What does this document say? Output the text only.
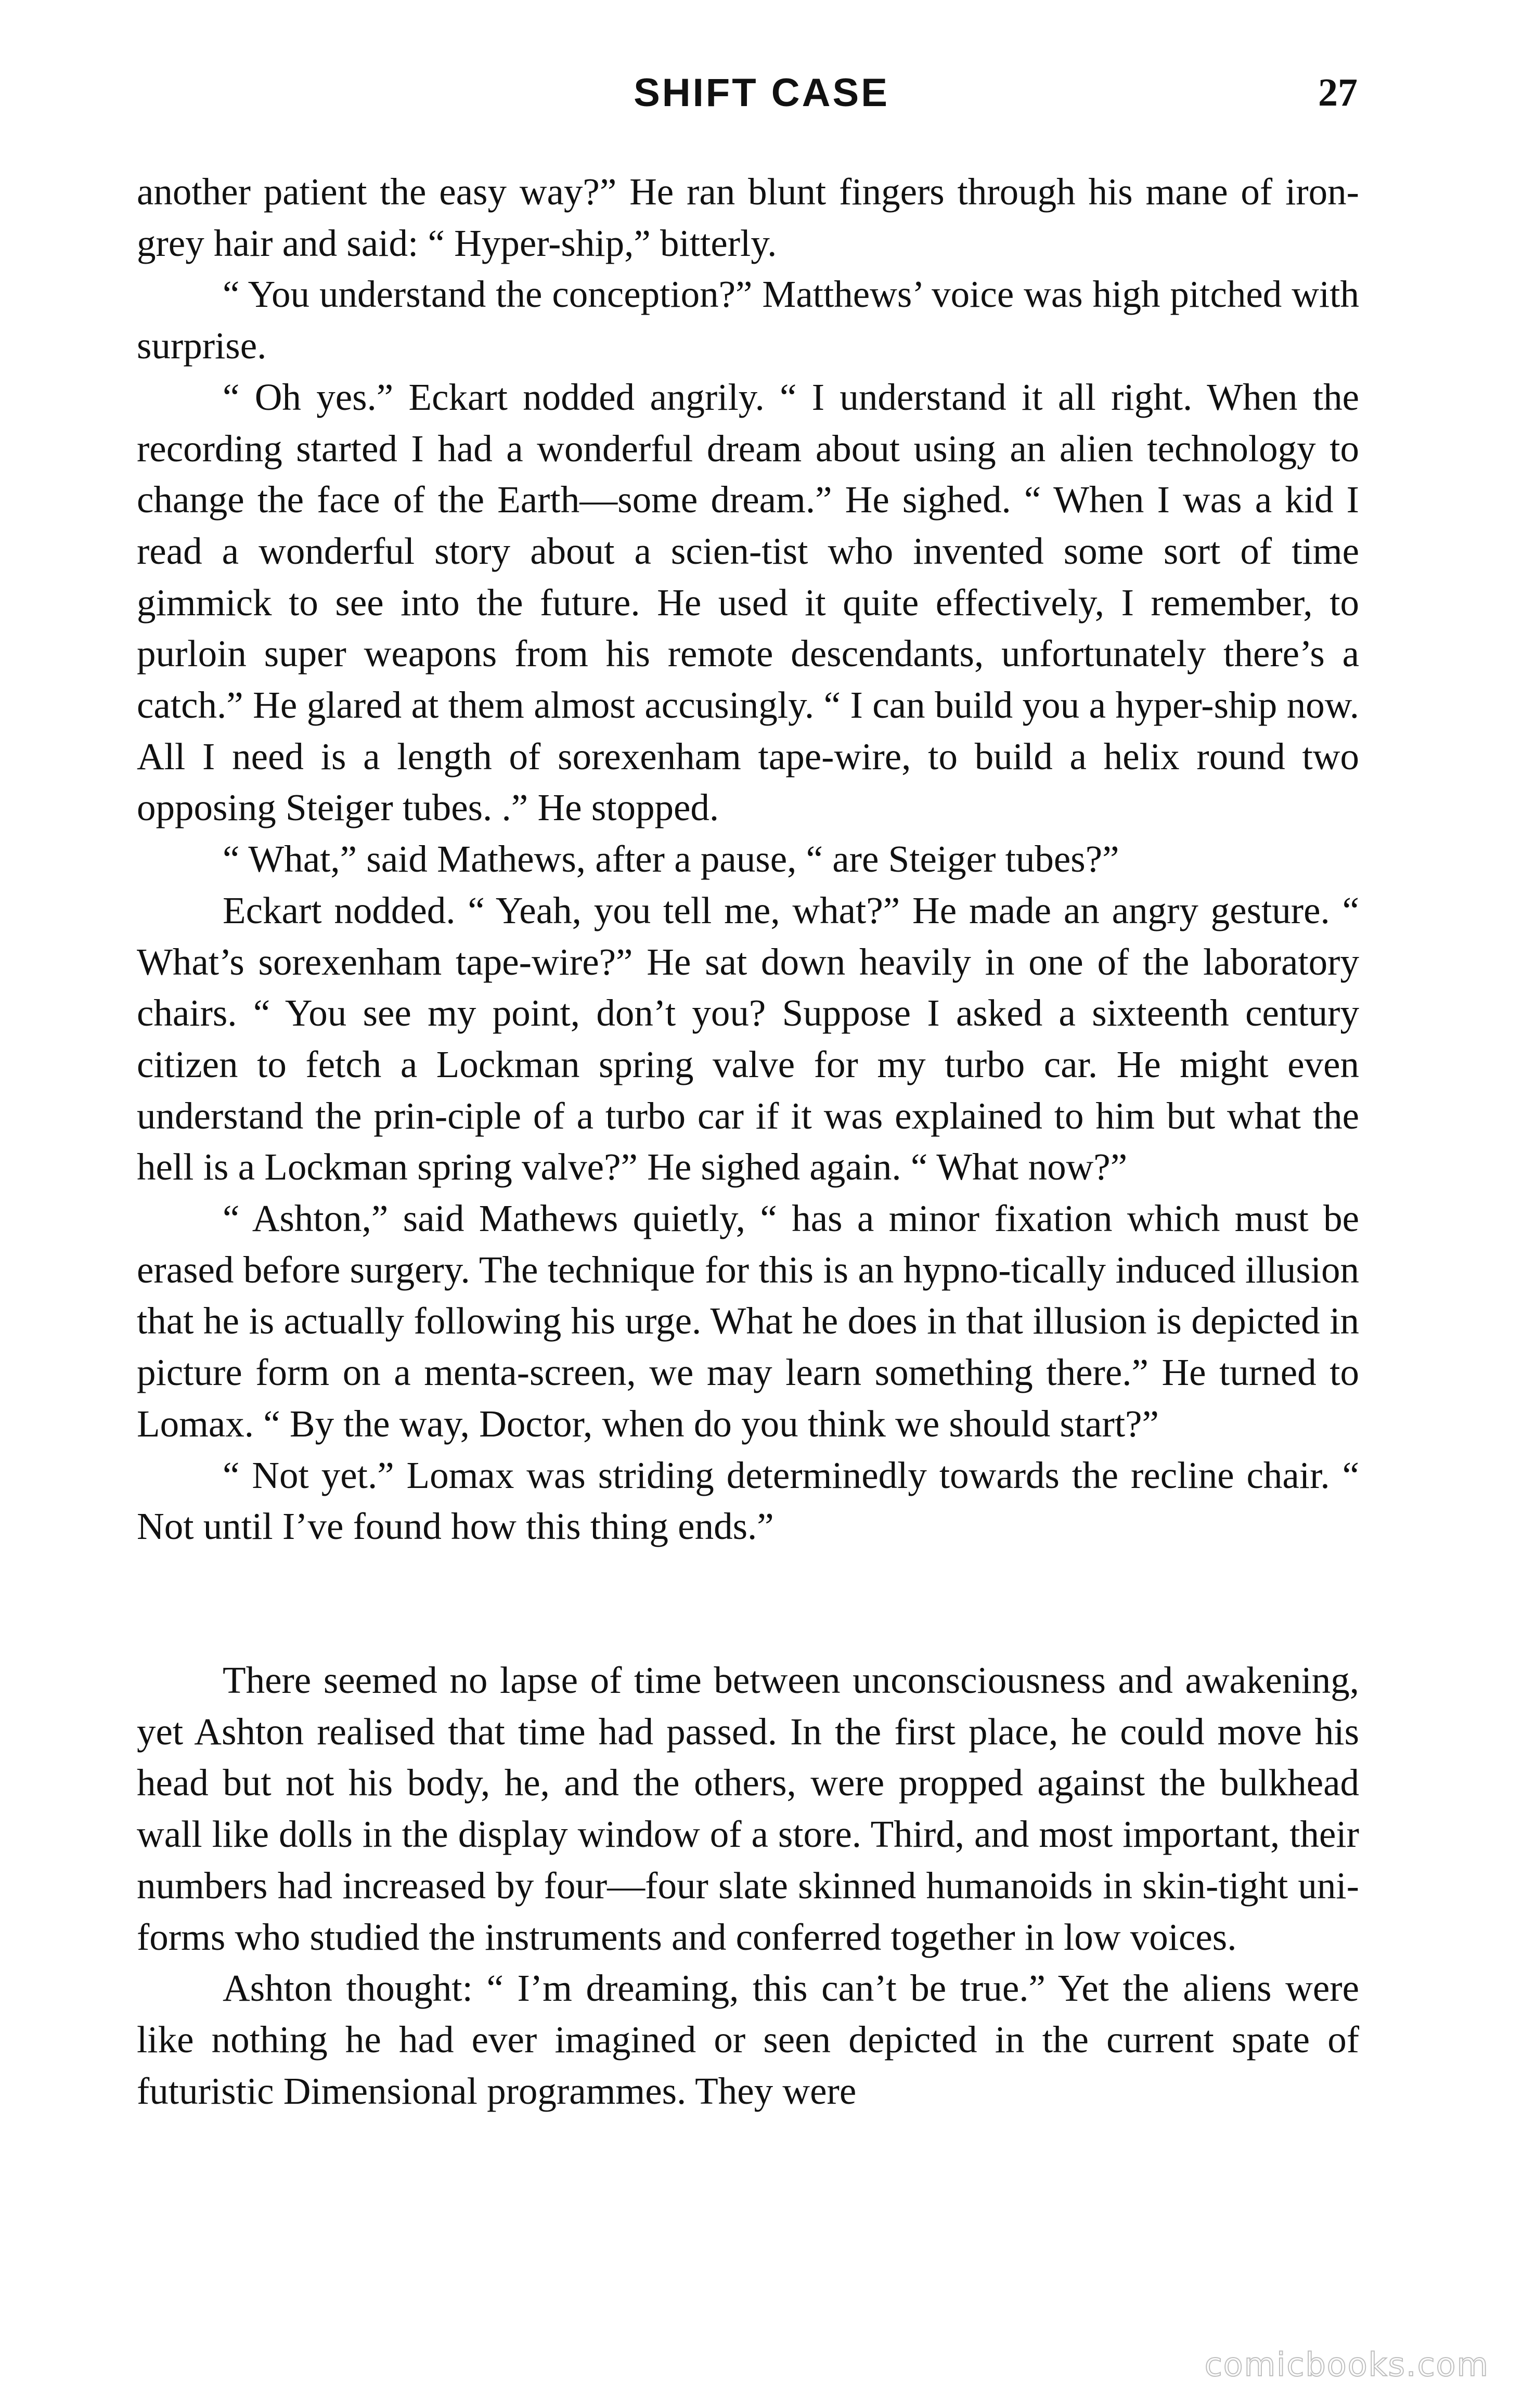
SHIFT CASE	27

another patient the easy way?” He ran blunt fingers through his mane of iron-grey hair and said: “ Hyper-ship,” bitterly.

“ You understand the conception?” Matthews’ voice was high pitched with surprise.

“ Oh yes.” Eckart nodded angrily. “ I understand it all right. When the recording started I had a wonderful dream about using an alien technology to change the face of the Earth—some dream.” He sighed. “ When I was a kid I read a wonderful story about a scien-tist who invented some sort of time gimmick to see into the future. He used it quite effectively, I remember, to purloin super weapons from his remote descendants, unfortunately there’s a catch.” He glared at them almost accusingly. “ I can build you a hyper-ship now. All I need is a length of sorexenham tape-wire, to build a helix round two opposing Steiger tubes. .” He stopped.

“ What,” said Mathews, after a pause, “ are Steiger tubes?”

Eckart nodded. “ Yeah, you tell me, what?” He made an angry gesture. “ What’s sorexenham tape-wire?” He sat down heavily in one of the laboratory chairs. “ You see my point, don’t you? Suppose I asked a sixteenth century citizen to fetch a Lockman spring valve for my turbo car. He might even understand the prin-ciple of a turbo car if it was explained to him but what the hell is a Lockman spring valve?” He sighed again. “ What now?”

“ Ashton,” said Mathews quietly, “ has a minor fixation which must be erased before surgery. The technique for this is an hypno-tically induced illusion that he is actually following his urge. What he does in that illusion is depicted in picture form on a menta-screen, we may learn something there.” He turned to Lomax. “ By the way, Doctor, when do you think we should start?”

“ Not yet.” Lomax was striding determinedly towards the recline chair. “ Not until I’ve found how this thing ends.”

There seemed no lapse of time between unconsciousness and awakening, yet Ashton realised that time had passed. In the first place, he could move his head but not his body, he, and the others, were propped against the bulkhead wall like dolls in the display window of a store. Third, and most important, their numbers had increased by four—four slate skinned humanoids in skin-tight uni-forms who studied the instruments and conferred together in low voices.

Ashton thought: “ I’m dreaming, this can’t be true.” Yet the aliens were like nothing he had ever imagined or seen depicted in the current spate of futuristic Dimensional programmes. They were

comicbooks.com
